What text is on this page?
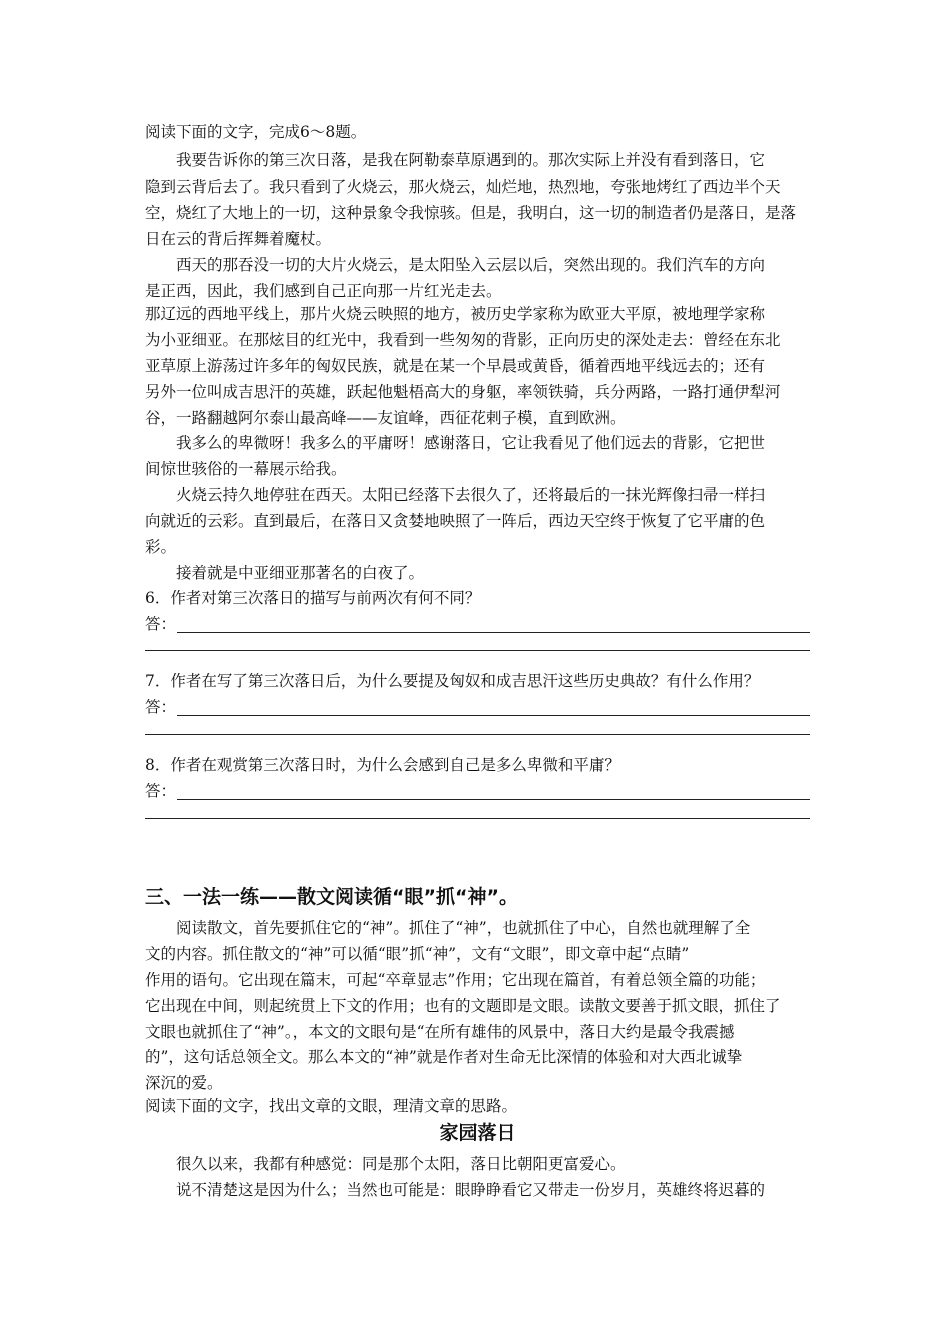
阅读下面的文字，完成6～8题。
我要告诉你的第三次日落，是我在阿勒泰草原遇到的。那次实际上并没有看到落日，它
隐到云背后去了。我只看到了火烧云，那火烧云，灿烂地，热烈地，夸张地烤红了西边半个天
空，烧红了大地上的一切，这种景象令我惊骇。但是，我明白，这一切的制造者仍是落日，是落
日在云的背后挥舞着魔杖。
西天的那吞没一切的大片火烧云，是太阳坠入云层以后，突然出现的。我们汽车的方向
是正西，因此，我们感到自己正向那一片红光走去。
那辽远的西地平线上，那片火烧云映照的地方，被历史学家称为欧亚大平原，被地理学家称
为小亚细亚。在那炫目的红光中，我看到一些匆匆的背影，正向历史的深处走去：曾经在东北
亚草原上游荡过许多年的匈奴民族，就是在某一个早晨或黄昏，循着西地平线远去的；还有
另外一位叫成吉思汗的英雄，跃起他魁梧高大的身躯，率领铁骑，兵分两路，一路打通伊犁河
谷，一路翻越阿尔泰山最高峰——友谊峰，西征花剌子模，直到欧洲。
我多么的卑微呀！我多么的平庸呀！感谢落日，它让我看见了他们远去的背影，它把世
间惊世骇俗的一幕展示给我。
火烧云持久地停驻在西天。太阳已经落下去很久了，还将最后的一抹光辉像扫帚一样扫
向就近的云彩。直到最后，在落日又贪婪地映照了一阵后，西边天空终于恢复了它平庸的色
彩。
接着就是中亚细亚那著名的白夜了。
6．作者对第三次落日的描写与前两次有何不同？
答：
7．作者在写了第三次落日后，为什么要提及匈奴和成吉思汗这些历史典故？有什么作用？
答：
8．作者在观赏第三次落日时，为什么会感到自己是多么卑微和平庸？
答：
三、一法一练——散文阅读循“眼”抓“神”。
阅读散文，首先要抓住它的“神”。抓住了“神”，也就抓住了中心，自然也就理解了全
文的内容。抓住散文的“神”可以循“眼”抓“神”，文有“文眼”，即文章中起“点睛”
作用的语句。它出现在篇末，可起“卒章显志”作用；它出现在篇首，有着总领全篇的功能；
它出现在中间，则起统贯上下文的作用；也有的文题即是文眼。读散文要善于抓文眼，抓住了
文眼也就抓住了“神”。，本文的文眼句是“在所有雄伟的风景中，落日大约是最令我震撼
的”，这句话总领全文。那么本文的“神”就是作者对生命无比深情的体验和对大西北诚挚
深沉的爱。
阅读下面的文字，找出文章的文眼，理清文章的思路。
家园落日
很久以来，我都有种感觉：同是那个太阳，落日比朝阳更富爱心。
说不清楚这是因为什么；当然也可能是：眼睁睁看它又带走一份岁月，英雄终将迟暮的
